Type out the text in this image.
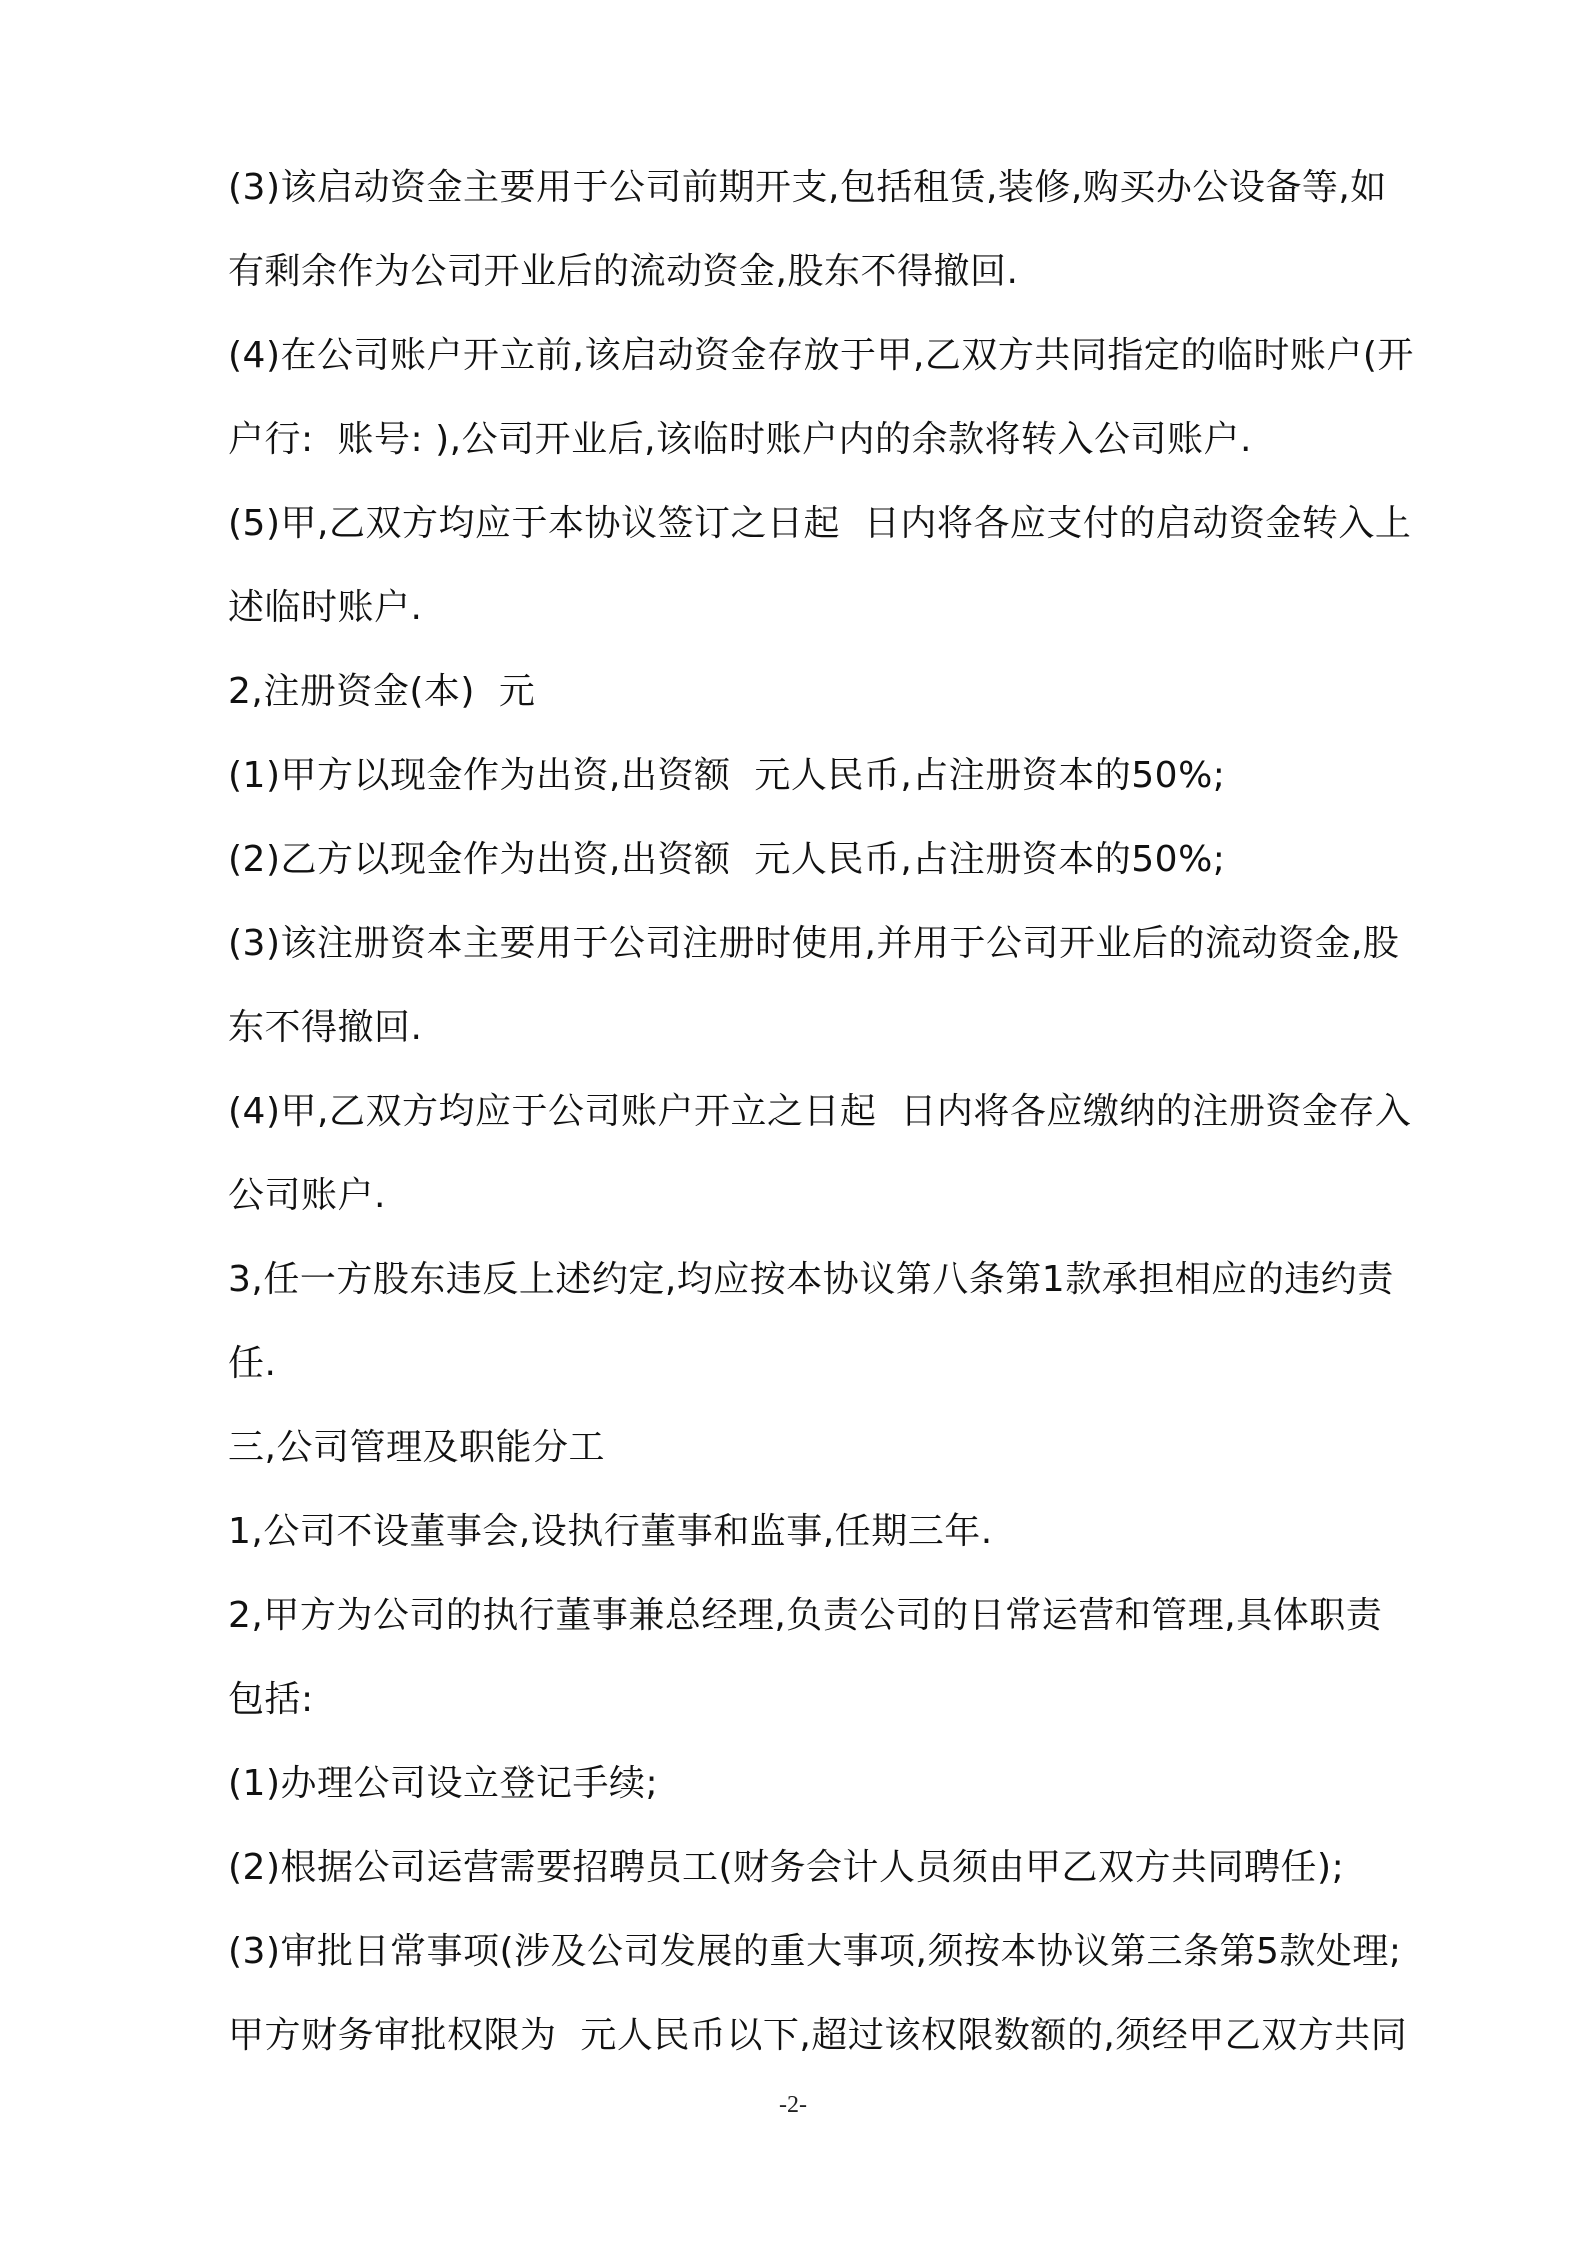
(3)该启动资金主要用于公司前期开支,包括租赁,装修,购买办公设备等,如
有剩余作为公司开业后的流动资金,股东不得撤回.
(4)在公司账户开立前,该启动资金存放于甲,乙双方共同指定的临时账户(开
户行:  账号: ),公司开业后,该临时账户内的余款将转入公司账户.
(5)甲,乙双方均应于本协议签订之日起  日内将各应支付的启动资金转入上
述临时账户.
2,注册资金(本)  元
(1)甲方以现金作为出资,出资额  元人民币,占注册资本的50%;
(2)乙方以现金作为出资,出资额  元人民币,占注册资本的50%;
(3)该注册资本主要用于公司注册时使用,并用于公司开业后的流动资金,股
东不得撤回.
(4)甲,乙双方均应于公司账户开立之日起  日内将各应缴纳的注册资金存入
公司账户.
3,任一方股东违反上述约定,均应按本协议第八条第1款承担相应的违约责
任.
三,公司管理及职能分工
1,公司不设董事会,设执行董事和监事,任期三年.
2,甲方为公司的执行董事兼总经理,负责公司的日常运营和管理,具体职责
包括:
(1)办理公司设立登记手续;
(2)根据公司运营需要招聘员工(财务会计人员须由甲乙双方共同聘任);
(3)审批日常事项(涉及公司发展的重大事项,须按本协议第三条第5款处理;
甲方财务审批权限为  元人民币以下,超过该权限数额的,须经甲乙双方共同
-2-
